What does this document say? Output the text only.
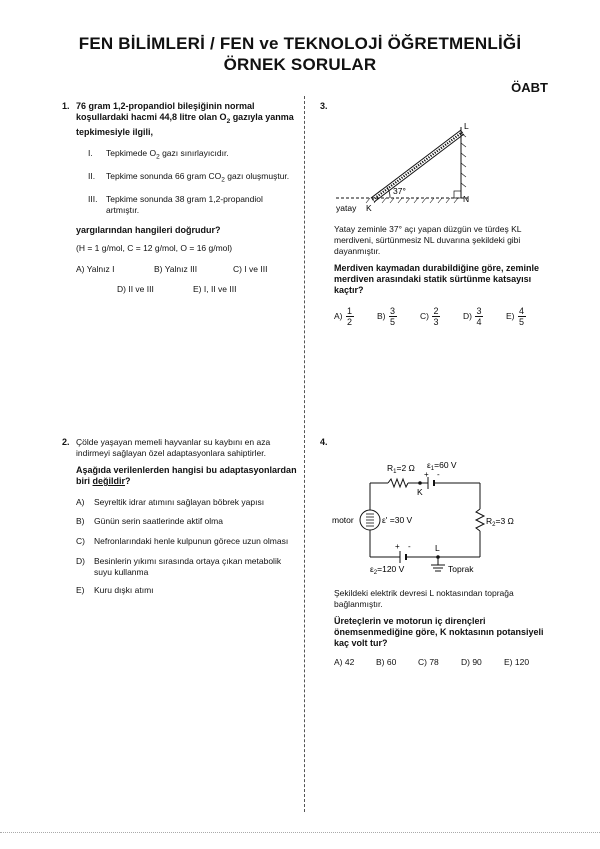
FEN BİLİMLERİ / FEN ve TEKNOLOJİ ÖĞRETMENLİĞİ
ÖRNEK SORULAR
ÖABT
1. 76 gram 1,2-propandiol bileşiğinin normal
koşullardaki hacmi 44,8 litre olan $O_2$ gazıyla yanma
tepkimesiyle ilgili,
I. Tepkimede $O_2$ gazı sınırlayıcıdır.
II. Tepkime sonunda 66 gram $CO_2$ gazı oluşmuştur.
III. Tepkime sonunda 38 gram 1,2-propandiol
artmıştır.
yargılarından hangileri doğrudur?
(H = 1 g/mol, C = 12 g/mol, O = 16 g/mol)
A) Yalnız I	B) Yalnız III	C) I ve III
D) II ve III	E) I, II ve III
3.
37°
L
K
N
yatay
Yatay zeminle 37° açı yapan düzgün ve türdeş KL
merdiveni, sürtünmesiz NL duvarına şekildeki gibi
dayanmıştır.
Merdiven kaymadan durabildiğine göre, zeminle
merdiven arasındaki statik sürtünme katsayısı
kaçtır?
$A) \frac{1}{2}$	$B) \frac{3}{5}$	$C) \frac{2}{3}$	$D) \frac{3}{4}$	$E) \frac{4}{5}$
2. Çölde yaşayan memeli hayvanlar su kaybını en aza
indirmeyi sağlayan özel adaptasyonlara sahiptirler.
Aşağıda verilenlerden hangisi bu adaptasyonlardan
biri değildir?
A) Seyreltik idrar atımını sağlayan böbrek yapısı
B) Günün serin saatlerinde aktif olma
C) Nefronlarındaki henle kulpunun görece uzun olması
D) Besinlerin yıkımı sırasında ortaya çıkan metabolik
suyu kullanma
E) Kuru dışkı atımı
4.
$R_1=2$ Ω $\varepsilon_1=60$ V
+ -
K
motor	ε' =30 V	$R_2=3$ Ω
L
+ -
$\varepsilon_2=120$ V	Toprak
Şekildeki elektrik devresi L noktasından toprağa
bağlanmıştır.
Üreteçlerin ve motorun iç dirençleri
önemsenmediğine göre, K noktasının potansiyeli
kaç volt tur?
A) 42	B) 60	C) 78	D) 90	E) 120
